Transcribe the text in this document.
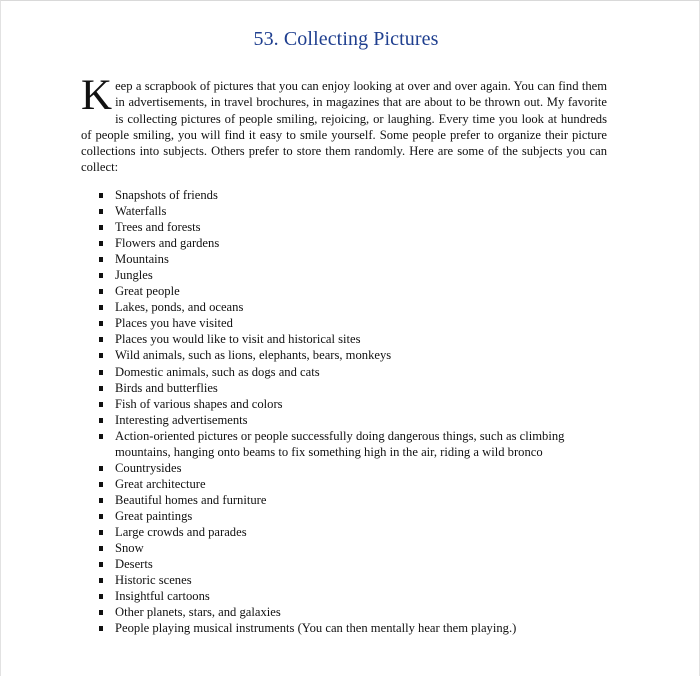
53. Collecting Pictures
Keep a scrapbook of pictures that you can enjoy looking at over and over again. You can find them in advertisements, in travel brochures, in magazines that are about to be thrown out. My favorite is collecting pictures of people smiling, rejoicing, or laughing. Every time you look at hundreds of people smiling, you will find it easy to smile yourself. Some people prefer to organize their picture collections into subjects. Others prefer to store them randomly. Here are some of the subjects you can collect:
Snapshots of friends
Waterfalls
Trees and forests
Flowers and gardens
Mountains
Jungles
Great people
Lakes, ponds, and oceans
Places you have visited
Places you would like to visit and historical sites
Wild animals, such as lions, elephants, bears, monkeys
Domestic animals, such as dogs and cats
Birds and butterflies
Fish of various shapes and colors
Interesting advertisements
Action-oriented pictures or people successfully doing dangerous things, such as climbing mountains, hanging onto beams to fix something high in the air, riding a wild bronco
Countrysides
Great architecture
Beautiful homes and furniture
Great paintings
Large crowds and parades
Snow
Deserts
Historic scenes
Insightful cartoons
Other planets, stars, and galaxies
People playing musical instruments (You can then mentally hear them playing.)
